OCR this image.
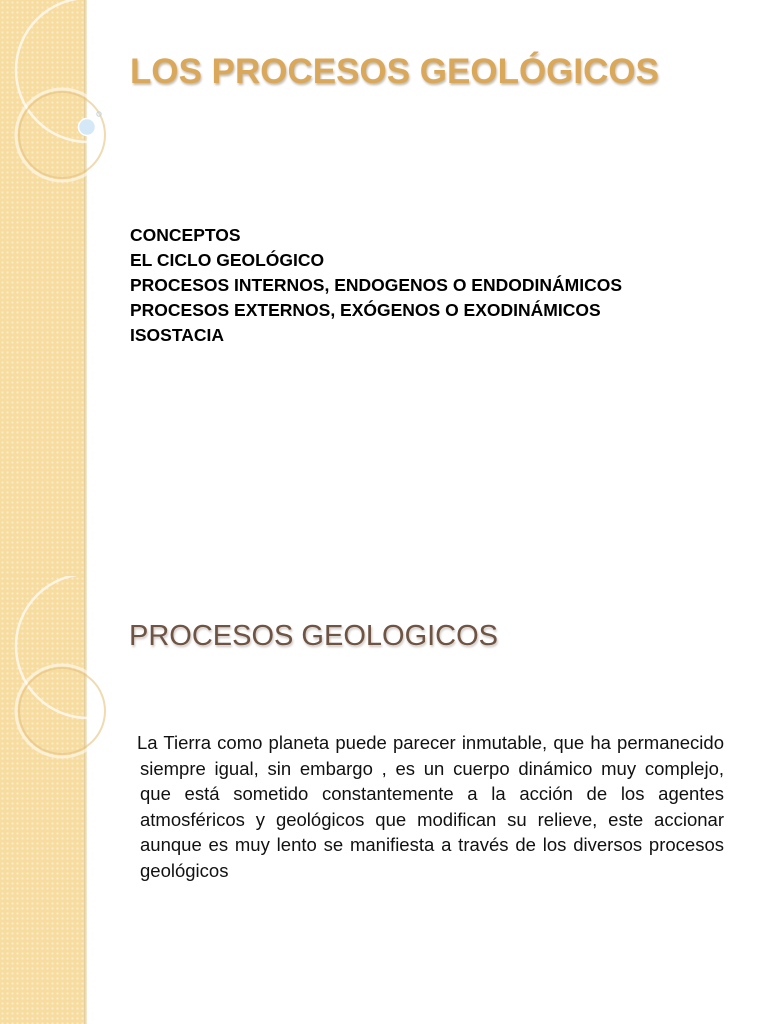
LOS PROCESOS GEOLÓGICOS
CONCEPTOS
EL CICLO GEOLÓGICO
PROCESOS INTERNOS, ENDOGENOS O ENDODINÁMICOS
PROCESOS EXTERNOS, EXÓGENOS O EXODINÁMICOS
ISOSTACIA
PROCESOS GEOLOGICOS

La Tierra como planeta puede parecer inmutable, que ha permanecido siempre igual, sin embargo , es un cuerpo dinámico muy complejo, que está sometido constantemente a la acción de los agentes atmosféricos y geológicos que modifican su relieve, este accionar aunque es muy lento se manifiesta a través de los diversos procesos geológicos
